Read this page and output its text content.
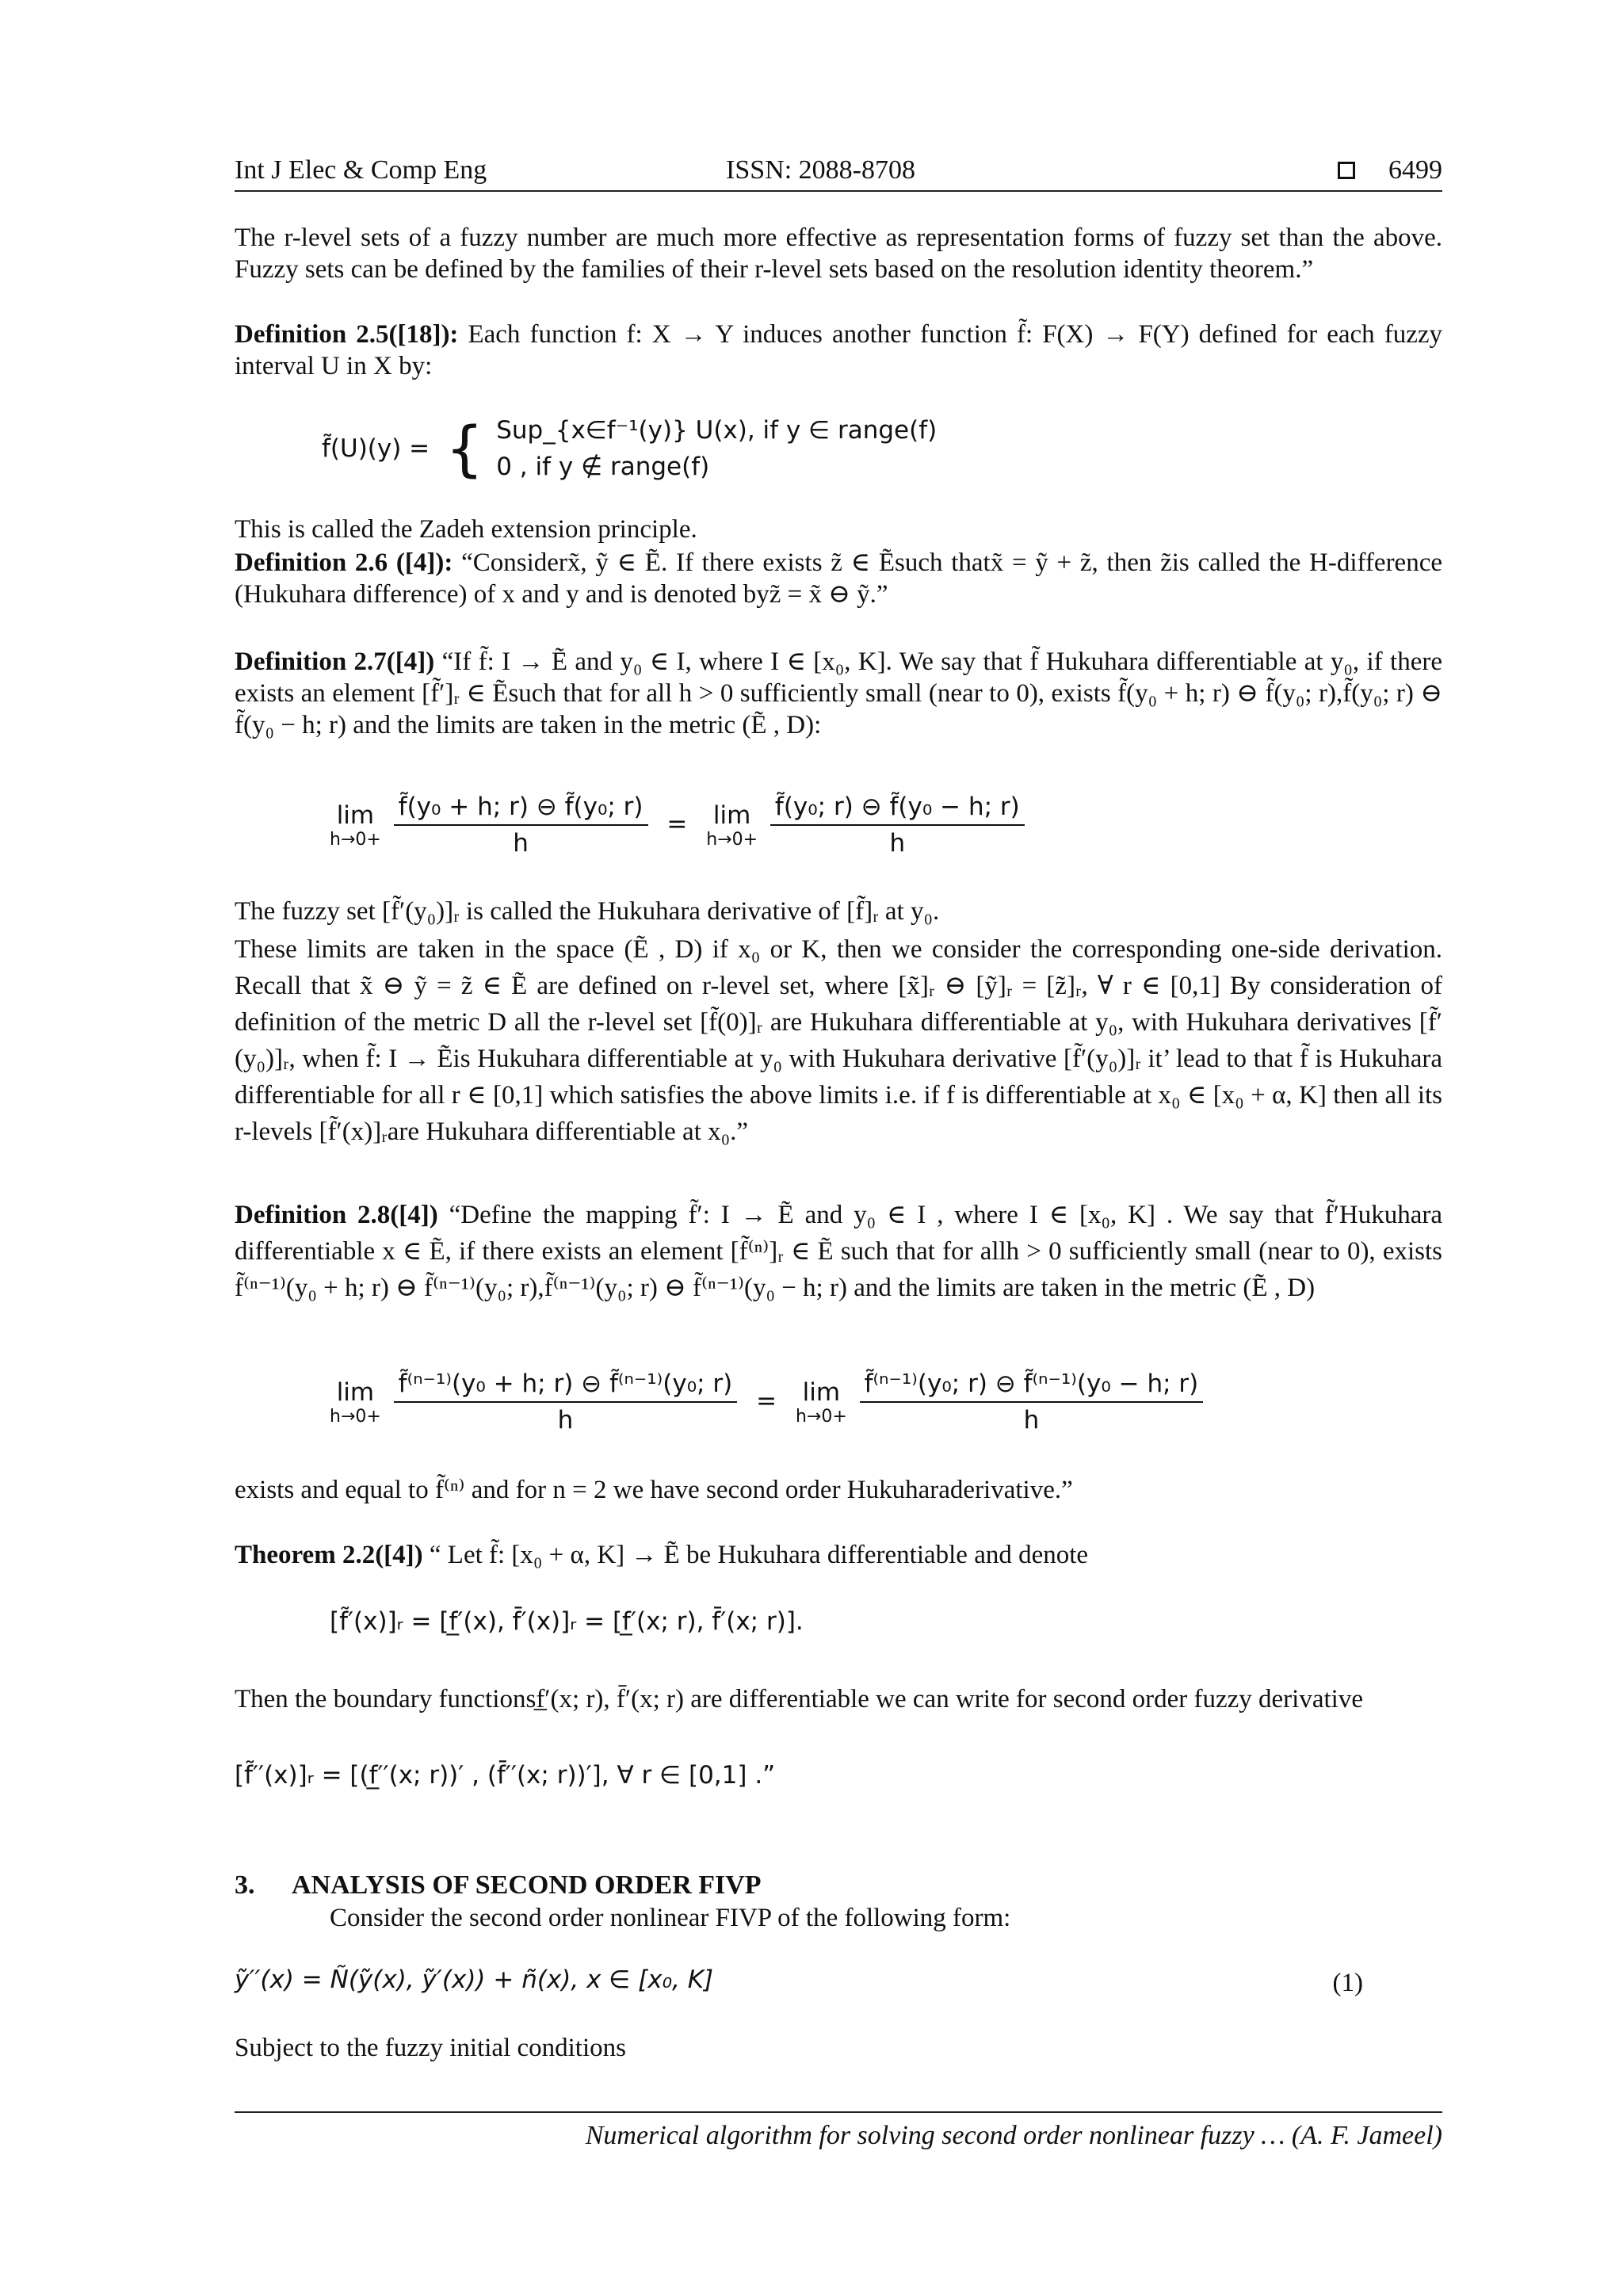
Int J Elec & Comp Eng	ISSN: 2088-8708	6499
The r-level sets of a fuzzy number are much more effective as representation forms of fuzzy set than the above. Fuzzy sets can be defined by the families of their r-level sets based on the resolution identity theorem.”
Definition 2.5([18]): Each function f: X → Y induces another function f̃: F(X) → F(Y) defined for each fuzzy interval U in X by:
f̃(U)(y) = { Sup_{x∈f⁻¹(y)} U(x), if y ∈ range(f)
0 , if y ∉ range(f)
This is called the Zadeh extension principle.
Definition 2.6 ([4]): “Considerx̃, ỹ ∈ Ẽ. If there exists z̃ ∈ Ẽsuch thatx̃ = ỹ + z̃, then z̃is called the H-difference (Hukuhara difference) of x and y and is denoted byz̃ = x̃ ⊖ ỹ.”
Definition 2.7([4]) “If f̃: I → Ẽ and y₀ ∈ I, where I ∈ [x₀, K]. We say that f̃ Hukuhara differentiable at y₀, if there exists an element [f̃′]ᵣ ∈ Ẽsuch that for all h > 0 sufficiently small (near to 0), exists f̃(y₀ + h; r) ⊖ f̃(y₀; r),f̃(y₀; r) ⊖ f̃(y₀ − h; r) and the limits are taken in the metric (Ẽ , D):
lim
h→0+
$\frac{\text{f̃(y₀ + h; r) ⊖ f̃(y₀; r)}}{h} = \lim$
h→0+
$\frac{\text{f̃(y₀; r) ⊖ f̃(y₀ − h; r)}}{h}$
The fuzzy set [f̃′(y₀)]ᵣ is called the Hukuhara derivative of [f̃]ᵣ at y₀.
These limits are taken in the space (Ẽ , D) if x₀ or K, then we consider the corresponding one-side derivation. Recall that x̃ ⊖ ỹ = z̃ ∈ Ẽ are defined on r-level set, where [x̃]ᵣ ⊖ [ỹ]ᵣ = [z̃]ᵣ, ∀ r ∈ [0,1] By consideration of definition of the metric D all the r-level set [f̃(0)]ᵣ are Hukuhara differentiable at y₀, with Hukuhara derivatives [f̃′(y₀)]ᵣ, when f̃: I → Ẽis Hukuhara differentiable at y₀ with Hukuhara derivative [f̃′(y₀)]ᵣ it’ lead to that f̃ is Hukuhara differentiable for all r ∈ [0,1] which satisfies the above limits i.e. if f is differentiable at x₀ ∈ [x₀ + α, K] then all its r-levels [f̃′(x)]ᵣare Hukuhara differentiable at x₀.”
Definition 2.8([4]) “Define the mapping f̃′: I → Ẽ and y₀ ∈ I , where I ∈ [x₀, K] . We say that f̃′Hukuhara differentiable x ∈ Ẽ, if there exists an element [f̃⁽ⁿ⁾]ᵣ ∈ Ẽ such that for allh > 0 sufficiently small (near to 0), exists f̃⁽ⁿ⁻¹⁾(y₀ + h; r) ⊖ f̃⁽ⁿ⁻¹⁾(y₀; r),f̃⁽ⁿ⁻¹⁾(y₀; r) ⊖ f̃⁽ⁿ⁻¹⁾(y₀ − h; r) and the limits are taken in the metric (Ẽ , D)
lim
h→0+
$\frac{\text{f̃⁽ⁿ⁻¹⁾(y₀ + h; r) ⊖ f̃⁽ⁿ⁻¹⁾(y₀; r)}}{h} = \lim$
h→0+
$\frac{\text{f̃⁽ⁿ⁻¹⁾(y₀; r) ⊖ f̃⁽ⁿ⁻¹⁾(y₀ − h; r)}}{h}$
exists and equal to f̃⁽ⁿ⁾ and for n = 2 we have second order Hukuharaderivative.”
Theorem 2.2([4]) “ Let f̃: [x₀ + α, K] → Ẽ be Hukuhara differentiable and denote
[f̃′(x)]ᵣ = [f̲′(x), f̄′(x)]ᵣ = [f̲′(x; r), f̄′(x; r)].
Then the boundary functionsf̲′(x; r), f̄′(x; r) are differentiable we can write for second order fuzzy derivative
[f̃′′(x)]ᵣ = [(f̲′′(x; r))′ , (f̄′′(x; r))′], ∀ r ∈ [0,1] .”
3. ANALYSIS OF SECOND ORDER FIVP
Consider the second order nonlinear FIVP of the following form:
ỹ′′(x) = Ñ(ỹ(x), ỹ′(x)) + ñ(x), x ∈ [x₀, K]	(1)
Subject to the fuzzy initial conditions
Numerical algorithm for solving second order nonlinear fuzzy … (A. F. Jameel)
